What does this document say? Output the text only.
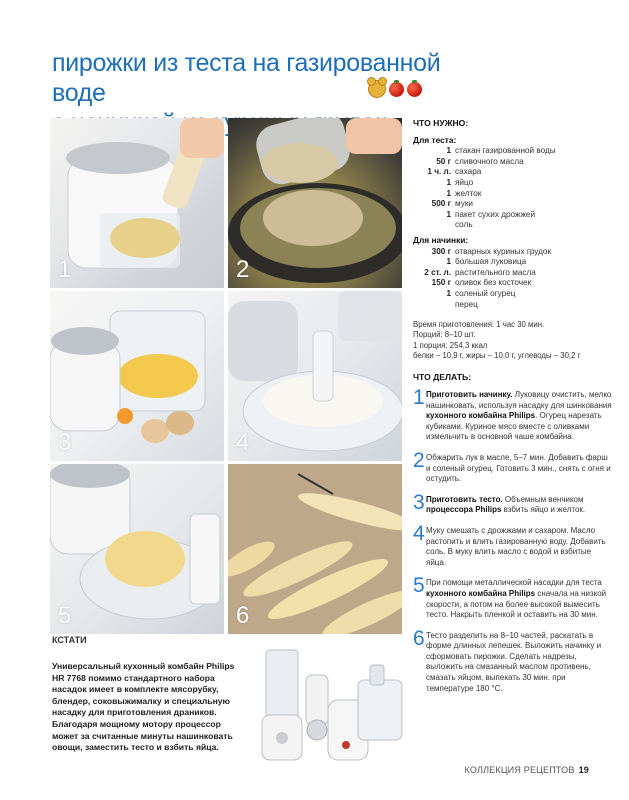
пирожки из теста на газированной воде
1	2
3	4
5	6
ЧТО НУЖНО:
Для теста:
1 стакан газированной воды
50 г сливочного масла
1 ч. л. сахара
1 яйцо
1 желток
500 г муки
1 пакет сухих дрожжей
соль
Для начинки:
300 г отварных куриных грудок
1 большая луковица
2 ст. л. растительного масла
150 г оливок без косточек
1 соленый огурец
перец
Время приготовления: 1 час 30 мин.
Порций: 8–10 шт.
1 порция: 254,3 ккал
белки – 10,9 г, жиры – 10,0 г, углеводы – 30,2 г
ЧТО ДЕЛАТЬ:
1 Приготовить начинку. Луковицу очистить, мелко нашинковать, используя насадку для шинкования кухонного комбайна Philips. Огурец нарезать кубиками. Куриное мясо вместе с оливками измельчить в основной чаше комбайна.
2 Обжарить лук в масле, 5–7 мин. Добавить фарш и соленый огурец. Готовить 3 мин., снять с огня и остудить.
3 Приготовить тесто. Объемным венчиком процессора Philips взбить яйцо и желток.
4 Муку смешать с дрожжами и сахаром. Масло растопить и влить газированную воду. Добавить соль. В муку влить масло с водой и взбитые яйца.
5 При помощи металлической насадки для теста кухонного комбайна Philips сначала на низкой скорости, а потом на более высокой вымесить тесто. Накрыть пленкой и оставить на 30 мин.
6 Тесто разделить на 8–10 частей, раскатать в форме длинных лепешек. Выложить начинку и сформовать пирожки. Сделать надрезы, выложить на смазанный маслом противень, смазать яйцом, выпекать 30 мин. при температуре 180 °С.
КСТАТИ
Универсальный кухонный комбайн Philips HR 7768 помимо стандартного набора насадок имеет в комплекте мясорубку, блендер, соковыжималку и специальную насадку для приготовления драников. Благодаря мощному мотору процессор может за считанные минуты нашинковать овощи, заместить тесто и взбить яйца.
КОЛЛЕКЦИЯ РЕЦЕПТОВ 19
